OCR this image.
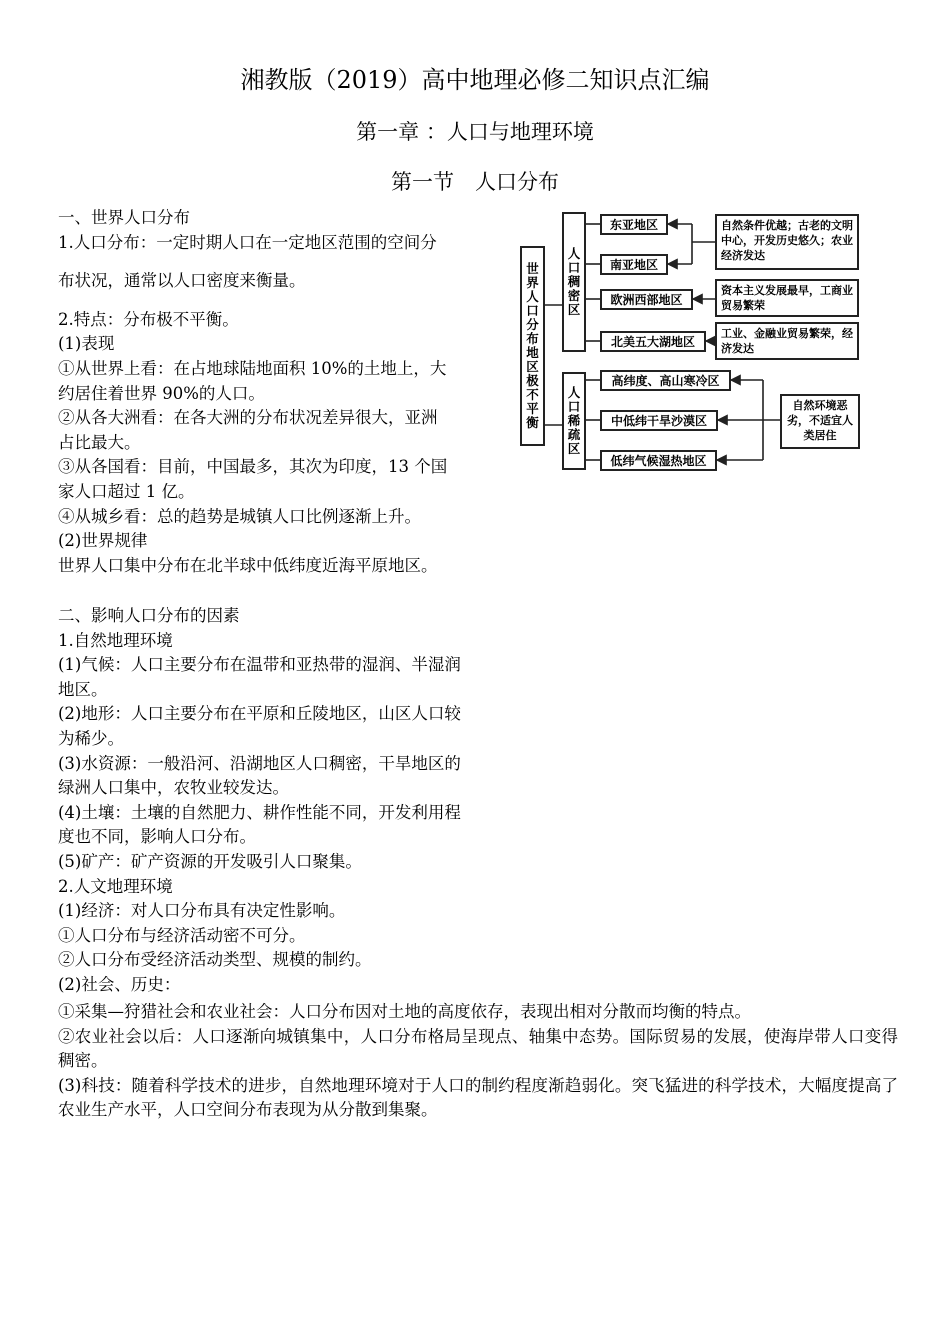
湘教版（2019）高中地理必修二知识点汇编
第一章 ：人口与地理环境
第一节　人口分布

一、世界人口分布

1.人口分布：一定时期人口在一定地区范围的空间分

布状况，通常以人口密度来衡量。

2.特点：分布极不平衡。

(1)表现

①从世界上看：在占地球陆地面积 10%的土地上，大

约居住着世界 90%的人口。

②从各大洲看：在各大洲的分布状况差异很大，亚洲

占比最大。

③从各国看：目前，中国最多，其次为印度，13 个国

家人口超过 1 亿。

④从城乡看：总的趋势是城镇人口比例逐渐上升。

(2)世界规律

世界人口集中分布在北半球中低纬度近海平原地区。

二、影响人口分布的因素

1.自然地理环境

(1)气候：人口主要分布在温带和亚热带的湿润、半湿润

地区。

(2)地形：人口主要分布在平原和丘陵地区，山区人口较

为稀少。

(3)水资源：一般沿河、沿湖地区人口稠密，干旱地区的

绿洲人口集中，农牧业较发达。

(4)土壤：土壤的自然肥力、耕作性能不同，开发利用程

度也不同，影响人口分布。

(5)矿产：矿产资源的开发吸引人口聚集。

2.人文地理环境

(1)经济：对人口分布具有决定性影响。

①人口分布与经济活动密不可分。

②人口分布受经济活动类型、规模的制约。

(2)社会、历史：

①采集—狩猎社会和农业社会：人口分布因对土地的高度依存，表现出相对分散而均衡的特点。

②农业社会以后：人口逐渐向城镇集中，人口分布格局呈现点、轴集中态势。国际贸易的发展，使海岸带人口变得稠密。

(3)科技：随着科学技术的进步，自然地理环境对于人口的制约程度渐趋弱化。突飞猛进的科学技术，大幅度提高了农业生产水平，人口空间分布表现为从分散到集聚。

世界人口分布地区极不平衡
人口稠密区
人口稀疏区
东亚地区
南亚地区
欧洲西部地区
北美五大湖地区
高纬度、高山寒冷区
中低纬干旱沙漠区
低纬气候湿热地区
自然条件优越；古老的文明中心，开发历史悠久；农业经济发达
资本主义发展最早，工商业贸易繁荣
工业、金融业贸易繁荣，经济发达
自然环境恶劣，不适宜人类居住
